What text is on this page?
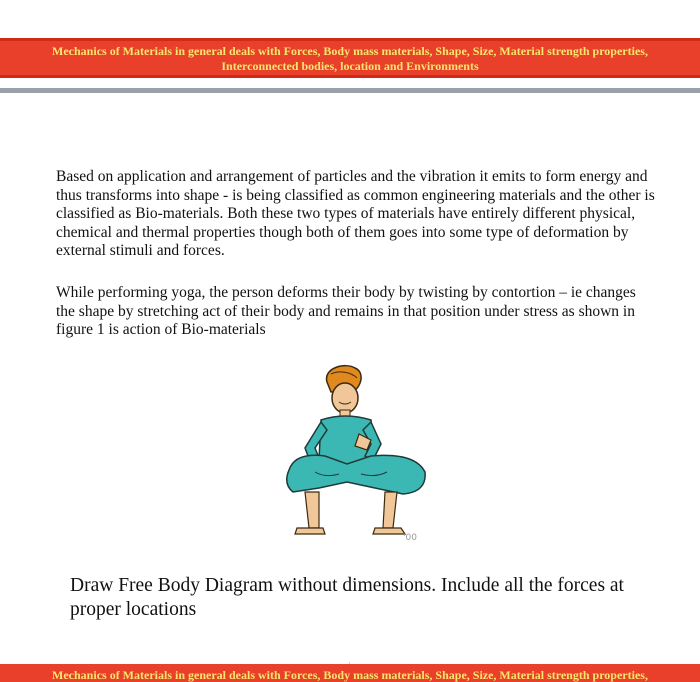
Mechanics of Materials in general deals with Forces, Body mass materials, Shape, Size, Material strength properties,
Interconnected bodies, location and Environments

Based on application and arrangement of particles and the vibration it emits to form energy and thus transforms into shape - is being classified as common engineering materials and the other is classified as Bio-materials. Both these two types of materials have entirely different physical, chemical and thermal properties though both of them goes into some type of deformation by external stimuli and forces.

While performing yoga, the person deforms their body by twisting by contortion – ie changes the shape by stretching act of their body and remains in that position under stress as shown in figure 1 is action of Bio-materials

'00

Draw Free Body Diagram without dimensions. Include all the forces at proper locations

Mechanics of Materials in general deals with Forces, Body mass materials, Shape, Size, Material strength properties,
